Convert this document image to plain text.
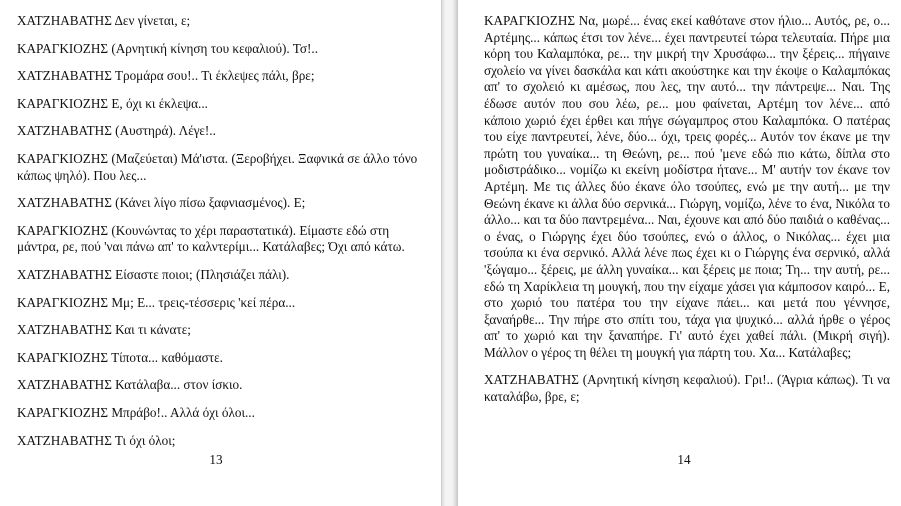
ΧΑΤΖΗΑΒΑΤΗΣ Δεν γίνεται, ε;

ΚΑΡΑΓΚΙΟΖΗΣ (Αρνητική κίνηση του κεφαλιού). Τσ!..

ΧΑΤΖΗΑΒΑΤΗΣ Τρομάρα σου!.. Τι έκλεψες πάλι, βρε;

ΚΑΡΑΓΚΙΟΖΗΣ Ε, όχι κι έκλεψα...

ΧΑΤΖΗΑΒΑΤΗΣ (Αυστηρά). Λέγε!..

ΚΑΡΑΓΚΙΟΖΗΣ (Μαζεύεται) Μά'ιστα. (Ξεροβήχει. Ξαφνικά σε άλλο τόνο κάπως ψηλό). Που λες...

ΧΑΤΖΗΑΒΑΤΗΣ (Κάνει λίγο πίσω ξαφνιασμένος). Ε;

ΚΑΡΑΓΚΙΟΖΗΣ (Κουνώντας το χέρι παραστατικά). Είμαστε εδώ στη μάντρα, ρε, πού 'ναι πάνω απ' το καλντερίμι... Κατάλαβες; Όχι από κάτω.

ΧΑΤΖΗΑΒΑΤΗΣ Είσαστε ποιοι; (Πλησιάζει πάλι).

ΚΑΡΑΓΚΙΟΖΗΣ Μμ; Ε... τρεις-τέσσερις 'κεί πέρα...

ΧΑΤΖΗΑΒΑΤΗΣ Και τι κάνατε;

ΚΑΡΑΓΚΙΟΖΗΣ Τίποτα... καθόμαστε.

ΧΑΤΖΗΑΒΑΤΗΣ Κατάλαβα... στον ίσκιο.

ΚΑΡΑΓΚΙΟΖΗΣ Μπράβο!.. Αλλά όχι όλοι...

ΧΑΤΖΗΑΒΑΤΗΣ Τι όχι όλοι;

13

ΚΑΡΑΓΚΙΟΖΗΣ Να, μωρέ... ένας εκεί καθότανε στον ήλιο... Αυτός, ρε, ο... Αρτέμης... κάπως έτσι τον λένε... έχει παντρευτεί τώρα τελευταία. Πήρε μια κόρη του Καλαμπόκα, ρε... την μικρή την Χρυσάφω... την ξέρεις... πήγαινε σχολείο να γίνει δασκάλα και κάτι ακούστηκε και την έκοψε ο Καλαμπόκας απ' το σχολειό κι αμέσως, που λες, την αυτό... την πάντρεψε... Ναι. Της έδωσε αυτόν που σου λέω, ρε... μου φαίνεται, Αρτέμη τον λένε... από κάποιο χωριό έχει έρθει και πήγε σώγαμπρος στου Καλαμπόκα. Ο πατέρας του είχε παντρευτεί, λένε, δύο... όχι, τρεις φορές... Αυτόν τον έκανε με την πρώτη του γυναίκα... τη Θεώνη, ρε... πού 'μενε εδώ πιο κάτω, δίπλα στο μοδιστράδικο... νομίζω κι εκείνη μοδίστρα ήτανε... Μ' αυτήν τον έκανε τον Αρτέμη. Με τις άλλες δύο έκανε όλο τσούπες, ενώ με την αυτή... με την Θεώνη έκανε κι άλλα δύο σερνικά... Γιώργη, νομίζω, λένε το ένα, Νικόλα το άλλο... και τα δύο παντρεμένα... Ναι, έχουνε και από δύο παιδιά ο καθένας... ο ένας, ο Γιώργης έχει δύο τσούπες, ενώ ο άλλος, ο Νικόλας... έχει μια τσούπα κι ένα σερνικό. Αλλά λένε πως έχει κι ο Γιώργης ένα σερνικό, αλλά 'ξώγαμο... ξέρεις, με άλλη γυναίκα... και ξέρεις με ποια; Τη... την αυτή, ρε... εδώ τη Χαρίκλεια τη μουγκή, που την είχαμε χάσει για κάμποσον καιρό... Ε, στο χωριό του πατέρα του την είχανε πάει... και μετά που γέννησε, ξαναήρθε... Την πήρε στο σπίτι του, τάχα για ψυχικό... αλλά ήρθε ο γέρος απ' το χωριό και την ξαναπήρε. Γι' αυτό έχει χαθεί πάλι. (Μικρή σιγή). Μάλλον ο γέρος τη θέλει τη μουγκή για πάρτη του. Χα... Κατάλαβες;

ΧΑΤΖΗΑΒΑΤΗΣ (Αρνητική κίνηση κεφαλιού). Γρι!.. (Άγρια κάπως). Τι να καταλάβω, βρε, ε;

14
